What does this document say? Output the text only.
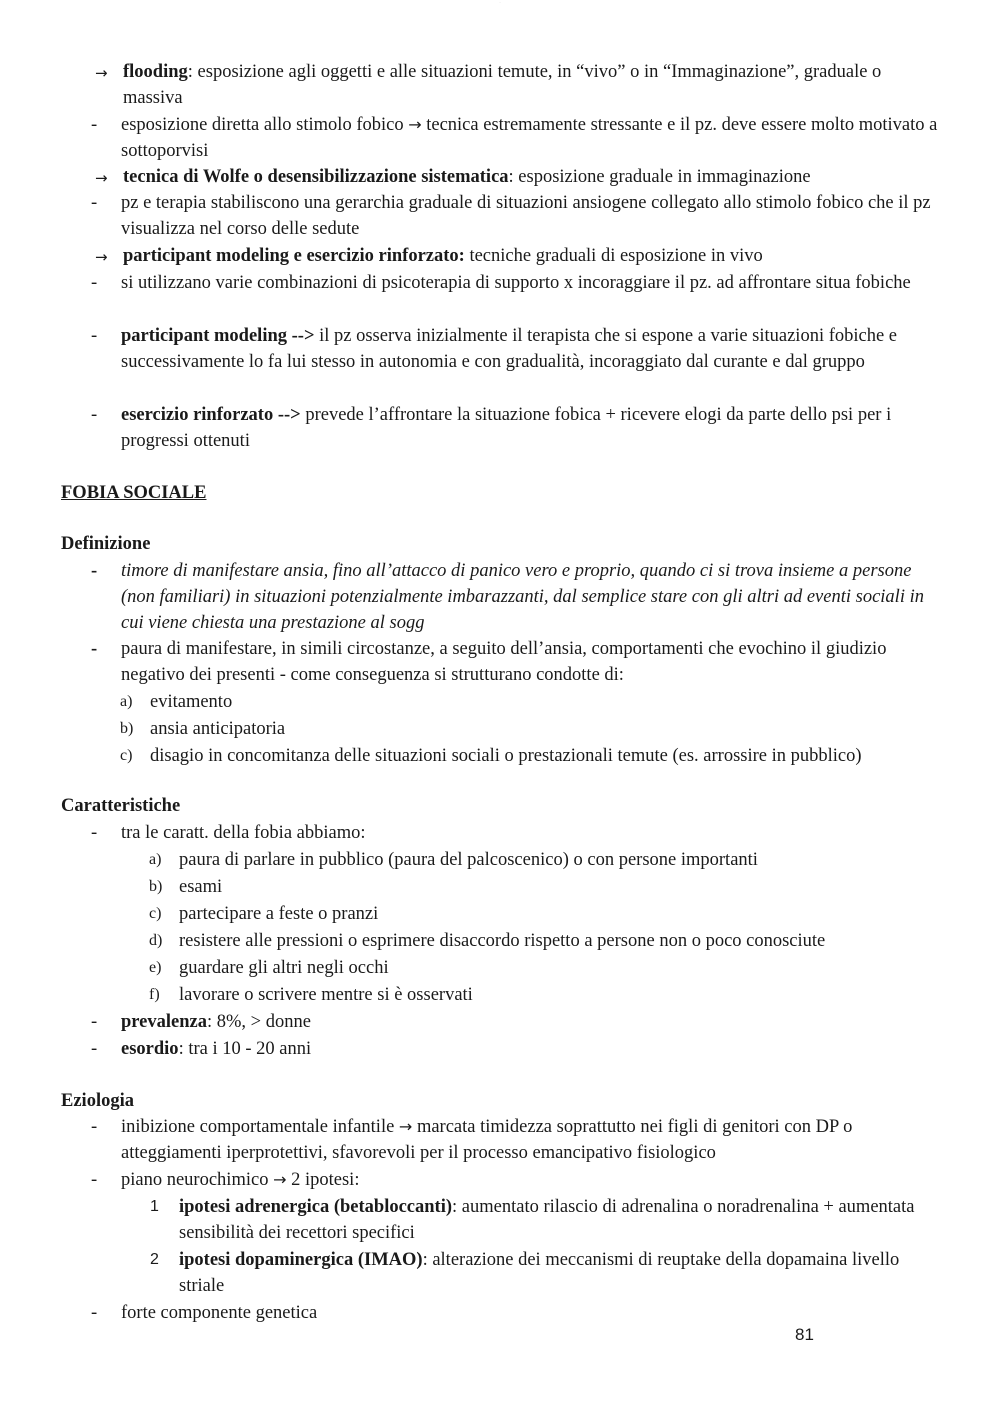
...
→ flooding: esposizione agli oggetti e alle situazioni temute, in “vivo” o in “Immaginazione”, graduale o massiva
- esposizione diretta allo stimolo fobico → tecnica estremamente stressante e il pz. deve essere molto motivato a sottoporvisi
→ tecnica di Wolfe o desensibilizzazione sistematica: esposizione graduale in immaginazione
- pz e terapia stabiliscono una gerarchia graduale di situazioni ansiogene collegato allo stimolo fobico che il pz visualizza nel corso delle sedute
→ participant modeling e esercizio rinforzato: tecniche graduali di esposizione in vivo
- si utilizzano varie combinazioni di psicoterapia di supporto x incoraggiare il pz. ad affrontare situa fobiche
- participant modeling --> il pz osserva inizialmente il terapista che si espone a varie situazioni fobiche e successivamente lo fa lui stesso in autonomia e con gradualità, incoraggiato dal curante e dal gruppo
- esercizio rinforzato --> prevede l’affrontare la situazione fobica + ricevere elogi da parte dello psi per i progressi ottenuti
FOBIA SOCIALE
Definizione
- timore di manifestare ansia, fino all’attacco di panico vero e proprio, quando ci si trova insieme a persone (non familiari) in situazioni potenzialmente imbarazzanti, dal semplice stare con gli altri ad eventi sociali in cui viene chiesta una prestazione al sogg
- paura di manifestare, in simili circostanze, a seguito dell’ansia, comportamenti che evochino il giudizio negativo dei presenti - come conseguenza si strutturano condotte di:
a) evitamento
b) ansia anticipatoria
c) disagio in concomitanza delle situazioni sociali o prestazionali temute (es. arrossire in pubblico)
Caratteristiche
- tra le caratt. della fobia abbiamo:
a) paura di parlare in pubblico (paura del palcoscenico) o con persone importanti
b) esami
c) partecipare a feste o pranzi
d) resistere alle pressioni o esprimere disaccordo rispetto a persone non o poco conosciute
e) guardare gli altri negli occhi
f) lavorare o scrivere mentre si è osservati
- prevalenza: 8%, > donne
- esordio: tra i 10 - 20 anni
Eziologia
- inibizione comportamentale infantile → marcata timidezza soprattutto nei figli di genitori con DP o atteggiamenti iperprotettivi, sfavorevoli per il processo emancipativo fisiologico
- piano neurochimico → 2 ipotesi:
1 ipotesi adrenergica (betabloccanti): aumentato rilascio di adrenalina o noradrenalina + aumentata sensibilità dei recettori specifici
2 ipotesi dopaminergica (IMAO): alterazione dei meccanismi di reuptake della dopamaina livello striale
- forte componente genetica
81
